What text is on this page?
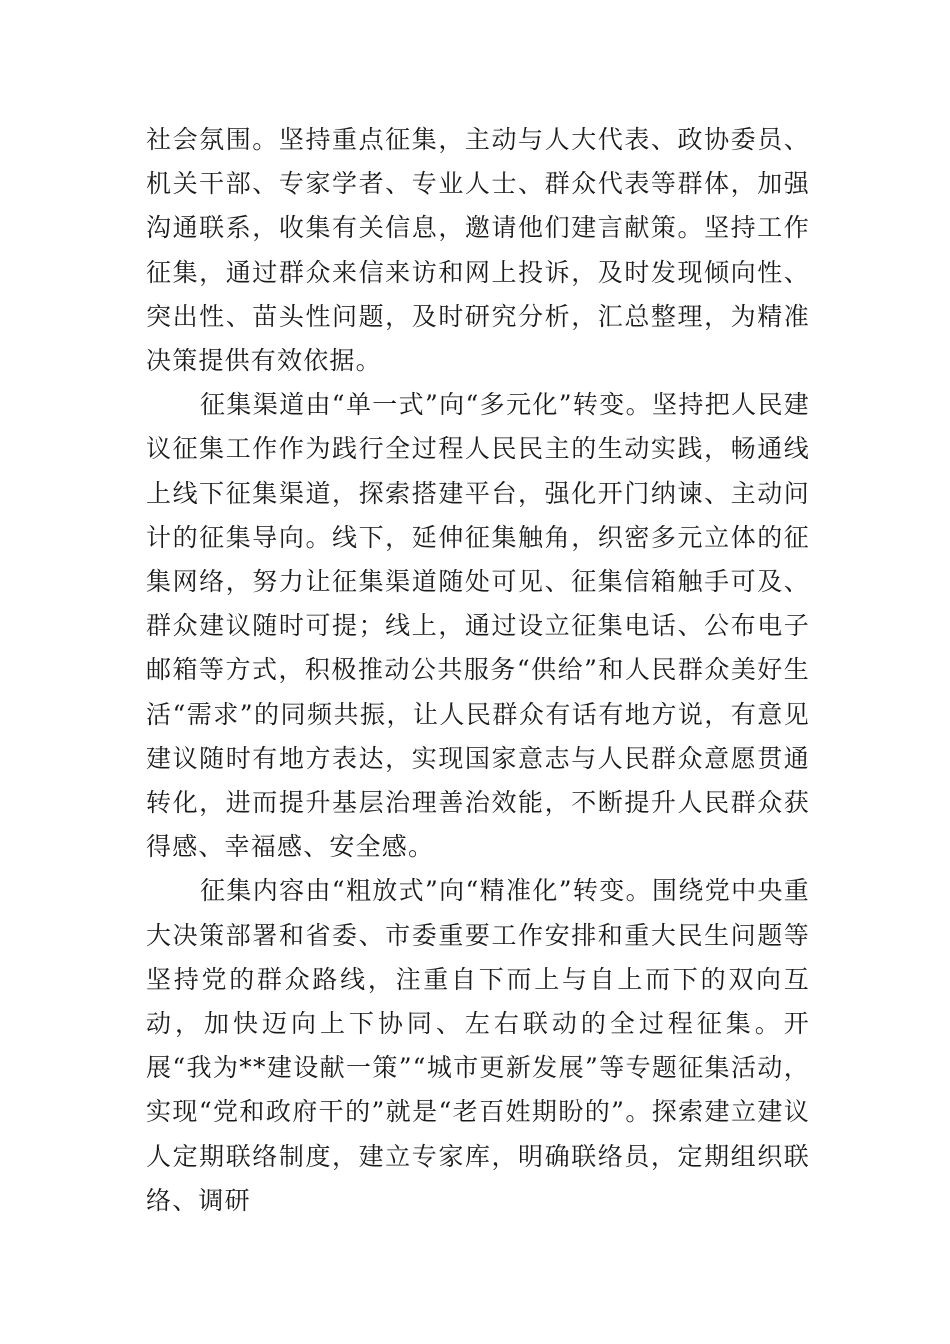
社会氛围。坚持重点征集，主动与人大代表、政协委员、机关干部、专家学者、专业人士、群众代表等群体，加强沟通联系，收集有关信息，邀请他们建言献策。坚持工作征集，通过群众来信来访和网上投诉，及时发现倾向性、突出性、苗头性问题，及时研究分析，汇总整理，为精准决策提供有效依据。

征集渠道由“单一式”向“多元化”转变。坚持把人民建议征集工作作为践行全过程人民民主的生动实践，畅通线上线下征集渠道，探索搭建平台，强化开门纳谏、主动问计的征集导向。线下，延伸征集触角，织密多元立体的征集网络，努力让征集渠道随处可见、征集信箱触手可及、群众建议随时可提；线上，通过设立征集电话、公布电子邮箱等方式，积极推动公共服务“供给”和人民群众美好生活“需求”的同频共振，让人民群众有话有地方说，有意见建议随时有地方表达，实现国家意志与人民群众意愿贯通转化，进而提升基层治理善治效能，不断提升人民群众获得感、幸福感、安全感。

征集内容由“粗放式”向“精准化”转变。围绕党中央重大决策部署和省委、市委重要工作安排和重大民生问题等坚持党的群众路线，注重自下而上与自上而下的双向互动，加快迈向上下协同、左右联动的全过程征集。开展“我为**建设献一策”“城市更新发展”等专题征集活动，实现“党和政府干的”就是“老百姓期盼的”。探索建立建议人定期联络制度，建立专家库，明确联络员，定期组织联络、调研
